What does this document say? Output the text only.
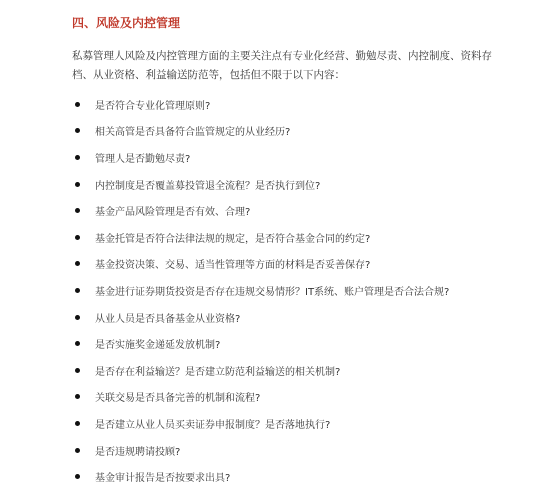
四、风险及内控管理
私募管理人风险及内控管理方面的主要关注点有专业化经营、勤勉尽责、内控制度、资料存档、从业资格、利益输送防范等，包括但不限于以下内容：
是否符合专业化管理原则?
相关高管是否具备符合监管规定的从业经历?
管理人是否勤勉尽责?
内控制度是否覆盖募投管退全流程？是否执行到位?
基金产品风险管理是否有效、合理?
基金托管是否符合法律法规的规定，是否符合基金合同的约定?
基金投资决策、交易、适当性管理等方面的材料是否妥善保存?
基金进行证券期货投资是否存在违规交易情形？IT系统、账户管理是否合法合规?
从业人员是否具备基金从业资格?
是否实施奖金递延发放机制?
是否存在利益输送？是否建立防范利益输送的相关机制?
关联交易是否具备完善的机制和流程?
是否建立从业人员买卖证券申报制度？是否落地执行?
是否违规聘请投顾?
基金审计报告是否按要求出具?
